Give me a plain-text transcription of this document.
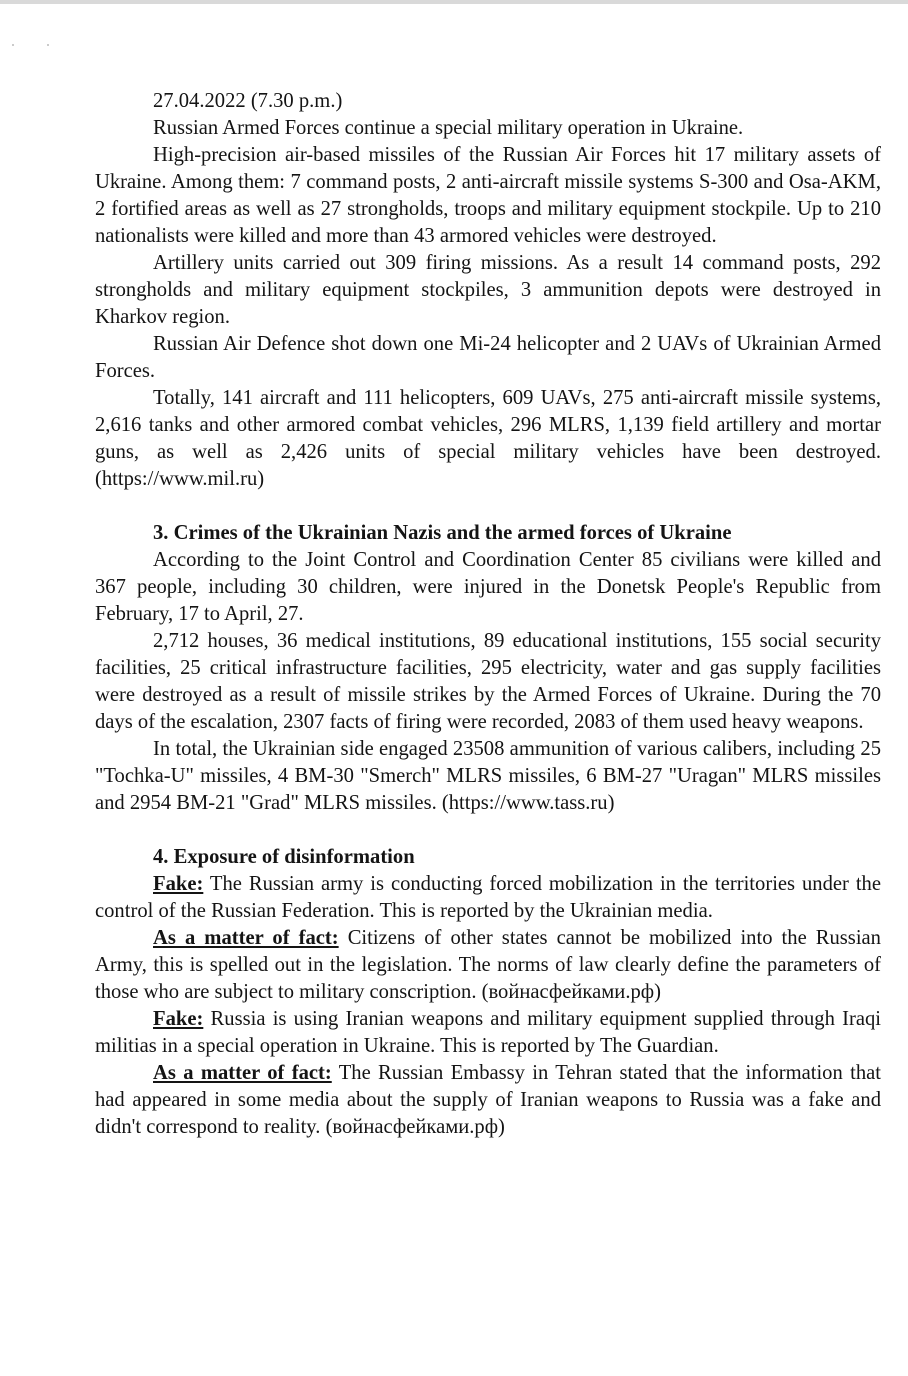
27.04.2022 (7.30 p.m.)

Russian Armed Forces continue a special military operation in Ukraine.

High-precision air-based missiles of the Russian Air Forces hit 17 military assets of Ukraine. Among them: 7 command posts, 2 anti-aircraft missile systems S-300 and Osa-AKM, 2 fortified areas as well as 27 strongholds, troops and military equipment stockpile. Up to 210 nationalists were killed and more than 43 armored vehicles were destroyed.

Artillery units carried out 309 firing missions. As a result 14 command posts, 292 strongholds and military equipment stockpiles, 3 ammunition depots were destroyed in Kharkov region.

Russian Air Defence shot down one Mi-24 helicopter and 2 UAVs of Ukrainian Armed Forces.

Totally, 141 aircraft and 111 helicopters, 609 UAVs, 275 anti-aircraft missile systems, 2,616 tanks and other armored combat vehicles, 296 MLRS, 1,139 field artillery and mortar guns, as well as 2,426 units of special military vehicles have been destroyed. (https://www.mil.ru)

3. Crimes of the Ukrainian Nazis and the armed forces of Ukraine

According to the Joint Control and Coordination Center 85 civilians were killed and 367 people, including 30 children, were injured in the Donetsk People's Republic from February, 17 to April, 27.

2,712 houses, 36 medical institutions, 89 educational institutions, 155 social security facilities, 25 critical infrastructure facilities, 295 electricity, water and gas supply facilities were destroyed as a result of missile strikes by the Armed Forces of Ukraine. During the 70 days of the escalation, 2307 facts of firing were recorded, 2083 of them used heavy weapons.

In total, the Ukrainian side engaged 23508 ammunition of various calibers, including 25 "Tochka-U" missiles, 4 BM-30 "Smerch" MLRS missiles, 6 BM-27 "Uragan" MLRS missiles and 2954 BM-21 "Grad" MLRS missiles. (https://www.tass.ru)

4. Exposure of disinformation

Fake: The Russian army is conducting forced mobilization in the territories under the control of the Russian Federation. This is reported by the Ukrainian media.

As a matter of fact: Citizens of other states cannot be mobilized into the Russian Army, this is spelled out in the legislation. The norms of law clearly define the parameters of those who are subject to military conscription. (войнасфейками.рф)

Fake: Russia is using Iranian weapons and military equipment supplied through Iraqi militias in a special operation in Ukraine. This is reported by The Guardian.

As a matter of fact: The Russian Embassy in Tehran stated that the information that had appeared in some media about the supply of Iranian weapons to Russia was a fake and didn't correspond to reality. (войнасфейками.рф)
